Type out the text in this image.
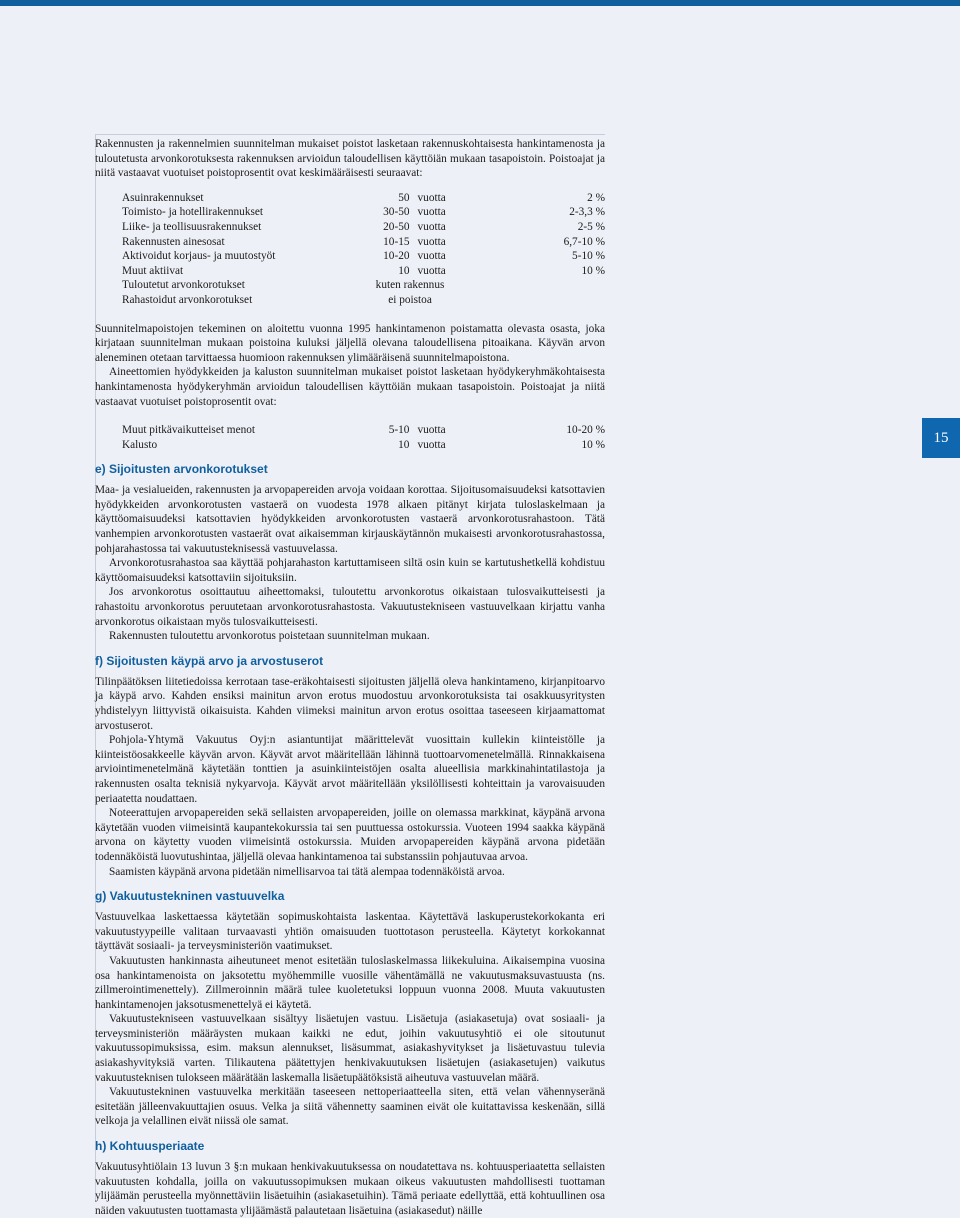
15

Rakennusten ja rakennelmien suunnitelman mukaiset poistot lasketaan rakennuskohtaisesta hankintamenosta ja tuloutetusta arvonkorotuksesta rakennuksen arvioidun taloudellisen käyttöiän mukaan tasapoistoin. Poistoajat ja niitä vastaavat vuotuiset poistoprosentit ovat keskimääräisesti seuraavat:

Asuinrakennukset	50	vuotta	2 %
Toimisto- ja hotellirakennukset	30-50	vuotta	2-3,3 %
Liike- ja teollisuusrakennukset	20-50	vuotta	2-5 %
Rakennusten ainesosat	10-15	vuotta	6,7-10 %
Aktivoidut korjaus- ja muutostyöt	10-20	vuotta	5-10 %
Muut aktiivat	10	vuotta	10 %
Tuloutetut arvonkorotukset	kuten rakennus		
Rahastoidut arvonkorotukset	ei poistoa		

Suunnitelmapoistojen tekeminen on aloitettu vuonna 1995 hankintamenon poistamatta olevasta osasta, joka kirjataan suunnitelman mukaan poistoina kuluksi jäljellä olevana taloudellisena pitoaikana. Käyvän arvon aleneminen otetaan tarvittaessa huomioon rakennuksen ylimääräisenä suunnitelmapoistona.

Aineettomien hyödykkeiden ja kaluston suunnitelman mukaiset poistot lasketaan hyödykeryhmäkohtaisesta hankintamenosta hyödykeryhmän arvioidun taloudellisen käyttöiän mukaan tasapoistoin. Poistoajat ja niitä vastaavat vuotuiset poistoprosentit ovat:

Muut pitkävaikutteiset menot	5-10	vuotta	10-20 %
Kalusto	10	vuotta	10 %
e) Sijoitusten arvonkorotukset

Maa- ja vesialueiden, rakennusten ja arvopapereiden arvoja voidaan korottaa. Sijoitusomaisuudeksi katsottavien hyödykkeiden arvonkorotusten vastaerä on vuodesta 1978 alkaen pitänyt kirjata tuloslaskelmaan ja käyttöomaisuudeksi katsottavien hyödykkeiden arvonkorotusten vastaerä arvonkorotusrahastoon. Tätä vanhempien arvonkorotusten vastaerät ovat aikaisemman kirjauskäytännön mukaisesti arvonkorotusrahastossa, pohjarahastossa tai vakuutusteknisessä vastuuvelassa.

Arvonkorotusrahastoa saa käyttää pohjarahaston kartuttamiseen siltä osin kuin se kartutushetkellä kohdistuu käyttöomaisuudeksi katsottaviin sijoituksiin.

Jos arvonkorotus osoittautuu aiheettomaksi, tuloutettu arvonkorotus oikaistaan tulosvaikutteisesti ja rahastoitu arvonkorotus peruutetaan arvonkorotusrahastosta. Vakuutustekniseen vastuuvelkaan kirjattu vanha arvonkorotus oikaistaan myös tulosvaikutteisesti.

Rakennusten tuloutettu arvonkorotus poistetaan suunnitelman mukaan.

f) Sijoitusten käypä arvo ja arvostuserot

Tilinpäätöksen liitetiedoissa kerrotaan tase-eräkohtaisesti sijoitusten jäljellä oleva hankintameno, kirjanpitoarvo ja käypä arvo. Kahden ensiksi mainitun arvon erotus muodostuu arvonkorotuksista tai osakkuusyritysten yhdistelyyn liittyvistä oikaisuista. Kahden viimeksi mainitun arvon erotus osoittaa taseeseen kirjaamattomat arvostuserot.

Pohjola-Yhtymä Vakuutus Oyj:n asiantuntijat määrittelevät vuosittain kullekin kiinteistölle ja kiinteistöosakkeelle käyvän arvon. Käyvät arvot määritellään lähinnä tuottoarvomenetelmällä. Rinnakkaisena arviointimenetelmänä käytetään tonttien ja asuinkiinteistöjen osalta alueellisia markkinahintatilastoja ja rakennusten osalta teknisiä nykyarvoja. Käyvät arvot määritellään yksilöllisesti kohteittain ja varovaisuuden periaatetta noudattaen.

Noteerattujen arvopapereiden sekä sellaisten arvopapereiden, joille on olemassa markkinat, käypänä arvona käytetään vuoden viimeisintä kaupantekokurssia tai sen puuttuessa ostokurssia. Vuoteen 1994 saakka käypänä arvona on käytetty vuoden viimeisintä ostokurssia. Muiden arvopapereiden käypänä arvona pidetään todennäköistä luovutushintaa, jäljellä olevaa hankintamenoa tai substanssiin pohjautuvaa arvoa.

Saamisten käypänä arvona pidetään nimellisarvoa tai tätä alempaa todennäköistä arvoa.

g) Vakuutustekninen vastuuvelka

Vastuuvelkaa laskettaessa käytetään sopimuskohtaista laskentaa. Käytettävä laskuperustekorkokanta eri vakuutustyypeille valitaan turvaavasti yhtiön omaisuuden tuottotason perusteella. Käytetyt korkokannat täyttävät sosiaali- ja terveysministeriön vaatimukset.

Vakuutusten hankinnasta aiheutuneet menot esitetään tuloslaskelmassa liikekuluina. Aikaisempina vuosina osa hankintamenoista on jaksotettu myöhemmille vuosille vähentämällä ne vakuutusmaksuvastuusta (ns. zillmerointimenettely). Zillmeroinnin määrä tulee kuoletetuksi loppuun vuonna 2008. Muuta vakuutusten hankintamenojen jaksotusmenettelyä ei käytetä.

Vakuutustekniseen vastuuvelkaan sisältyy lisäetujen vastuu. Lisäetuja (asiakasetuja) ovat sosiaali- ja terveysministeriön määräysten mukaan kaikki ne edut, joihin vakuutusyhtiö ei ole sitoutunut vakuutussopimuksissa, esim. maksun alennukset, lisäsummat, asiakashyvitykset ja lisäetuvastuu tulevia asiakashyvityksiä varten. Tilikautena päätettyjen henkivakuutuksen lisäetujen (asiakasetujen) vaikutus vakuutusteknisen tulokseen määrätään laskemalla lisäetupäätöksistä aiheutuva vastuuvelan määrä.

Vakuutustekninen vastuuvelka merkitään taseeseen nettoperiaatteella siten, että velan vähennyseränä esitetään jälleenvakuuttajien osuus. Velka ja siitä vähennetty saaminen eivät ole kuitattavissa keskenään, sillä velkoja ja velallinen eivät niissä ole samat.

h) Kohtuusperiaate

Vakuutusyhtiölain 13 luvun 3 §:n mukaan henkivakuutuksessa on noudatettava ns. kohtuusperiaatetta sellaisten vakuutusten kohdalla, joilla on vakuutussopimuksen mukaan oikeus vakuutusten mahdollisesti tuottaman ylijäämän perusteella myönnettäviin lisäetuihin (asiakasetuihin). Tämä periaate edellyttää, että kohtuullinen osa näiden vakuutusten tuottamasta ylijäämästä palautetaan lisäetuina (asiakasedut) näille
